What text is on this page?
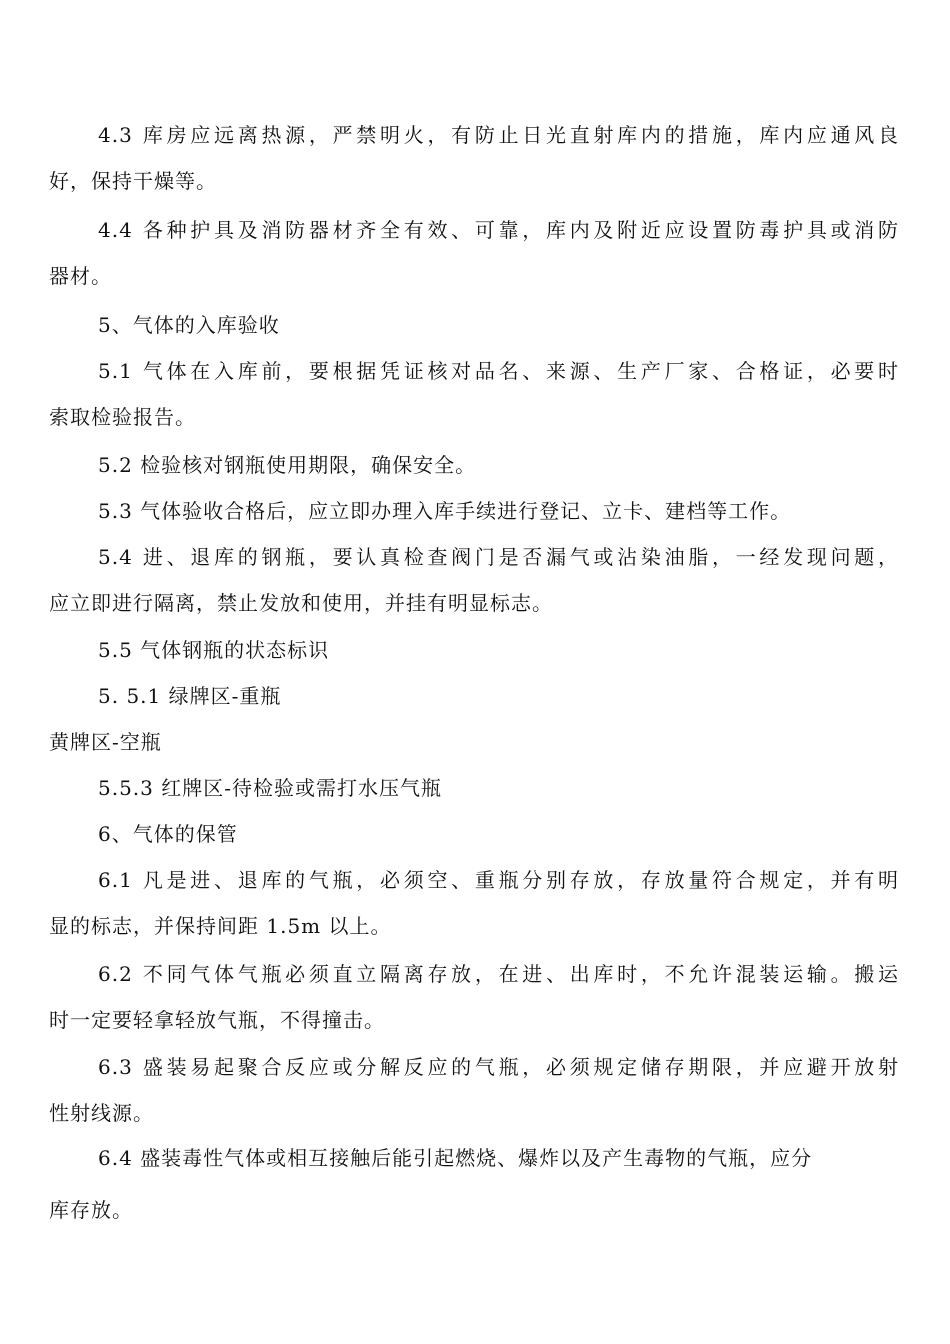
4.3 库房应远离热源，严禁明火，有防止日光直射库内的措施，库内应通风良
好，保持干燥等。

4.4 各种护具及消防器材齐全有效、可靠，库内及附近应设置防毒护具或消防
器材。

5、气体的入库验收

5.1 气体在入库前，要根据凭证核对品名、来源、生产厂家、合格证，必要时
索取检验报告。

5.2 检验核对钢瓶使用期限，确保安全。

5.3 气体验收合格后，应立即办理入库手续进行登记、立卡、建档等工作。

5.4 进、退库的钢瓶，要认真检查阀门是否漏气或沾染油脂，一经发现问题，
应立即进行隔离，禁止发放和使用，并挂有明显标志。

5.5 气体钢瓶的状态标识

5. 5.1 绿牌区-重瓶

黄牌区-空瓶

5.5.3 红牌区-待检验或需打水压气瓶

6、气体的保管

6.1 凡是进、退库的气瓶，必须空、重瓶分别存放，存放量符合规定，并有明
显的标志，并保持间距 1.5m 以上。

6.2 不同气体气瓶必须直立隔离存放，在进、出库时，不允许混装运输。搬运
时一定要轻拿轻放气瓶，不得撞击。

6.3 盛装易起聚合反应或分解反应的气瓶，必须规定储存期限，并应避开放射
性射线源。

6.4 盛装毒性气体或相互接触后能引起燃烧、爆炸以及产生毒物的气瓶，应分
库存放。
